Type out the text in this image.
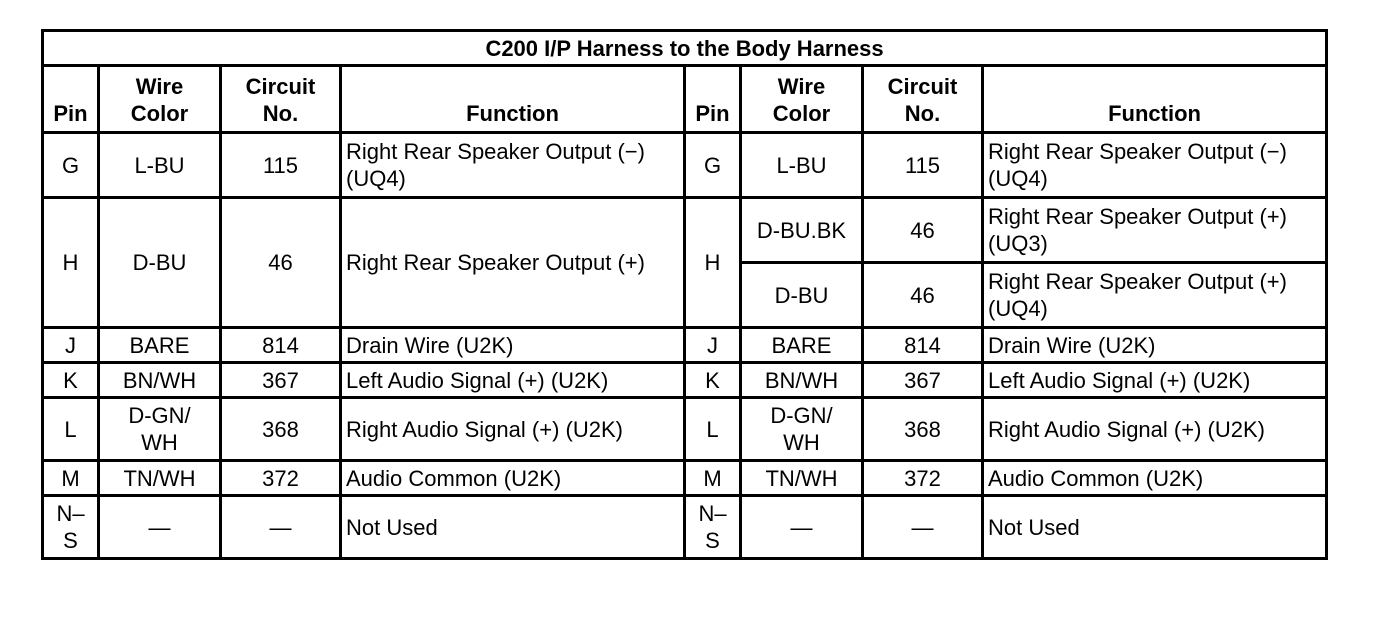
C200 I/P Harness to the Body Harness							
Pin	Wire Color	Circuit No.	Function	Pin	Wire Color	Circuit No.	Function
G	L-BU	115	Right Rear Speaker Output (−) (UQ4)	G	L-BU	115	Right Rear Speaker Output (−) (UQ4)
H	D-BU	46	Right Rear Speaker Output (+)	H	D-BU.BK	46	Right Rear Speaker Output (+) (UQ3)
					D-BU	46	Right Rear Speaker Output (+) (UQ4)
J	BARE	814	Drain Wire (U2K)	J	BARE	814	Drain Wire (U2K)
K	BN/WH	367	Left Audio Signal (+) (U2K)	K	BN/WH	367	Left Audio Signal (+) (U2K)
L	D-GN/WH	368	Right Audio Signal (+) (U2K)	L	D-GN/WH	368	Right Audio Signal (+) (U2K)
M	TN/WH	372	Audio Common (U2K)	M	TN/WH	372	Audio Common (U2K)
N–S	—	—	Not Used	N–S	—	—	Not Used
